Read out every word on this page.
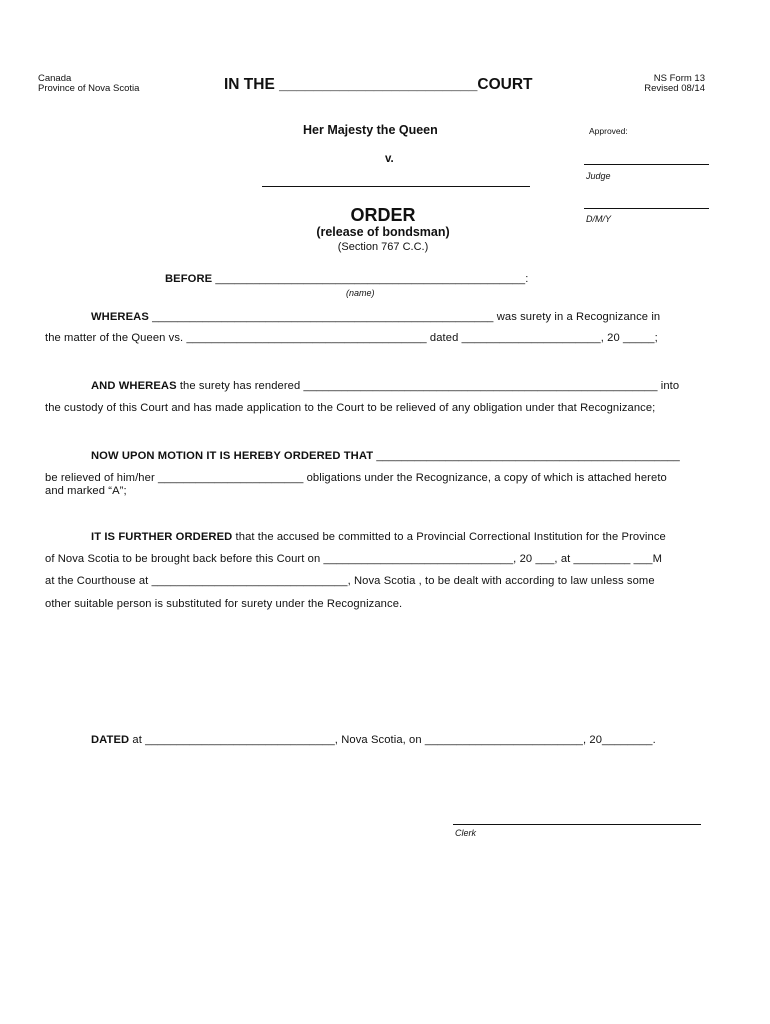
Canada
Province of Nova Scotia	IN THE _______________________COURT	NS Form 13
Revised 08/14
Her Majesty the Queen
v.
Approved:
Judge
D/M/Y
ORDER
(release of bondsman)
(Section 767 C.C.)
BEFORE _________________________________________________:
(name)
WHEREAS ______________________________________________________ was surety in a Recognizance in
the matter of the Queen vs. ______________________________________ dated ______________________, 20 _____;
AND WHEREAS the surety has rendered ________________________________________________________ into
the custody of this Court and has made application to the Court to be relieved of any obligation under that Recognizance;
NOW UPON MOTION IT IS HEREBY ORDERED THAT ________________________________________________
be relieved of him/her _______________________ obligations under the Recognizance, a copy of which is attached hereto
and marked “A”;
IT IS FURTHER ORDERED that the accused be committed to a Provincial Correctional Institution for the Province
of Nova Scotia to be brought back before this Court on ______________________________, 20 ___, at _________ ___M
at the Courthouse at _______________________________, Nova Scotia , to be dealt with according to law unless some
other suitable person is substituted for surety under the Recognizance.
DATED at ______________________________, Nova Scotia, on _________________________, 20________.
Clerk
